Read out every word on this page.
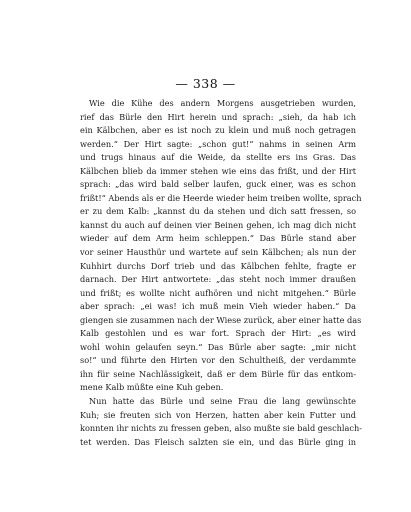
— 338 —
Wie die Kühe des andern Morgens ausgetrieben wurden,
rief das Bürle den Hirt herein und sprach: „sieh, da hab ich
ein Kälbchen, aber es ist noch zu klein und muß noch getragen
werden.“ Der Hirt sagte: „schon gut!“ nahms in seinen Arm
und trugs hinaus auf die Weide, da stellte ers ins Gras. Das
Kälbchen blieb da immer stehen wie eins das frißt, und der Hirt
sprach: „das wird bald selber laufen, guck einer, was es schon
frißt!“ Abends als er die Heerde wieder heim treiben wollte, sprach
er zu dem Kalb: „kannst du da stehen und dich satt fressen, so
kannst du auch auf deinen vier Beinen gehen, ich mag dich nicht
wieder auf dem Arm heim schleppen.“ Das Bürle stand aber
vor seiner Hausthür und wartete auf sein Kälbchen; als nun der
Kuhhirt durchs Dorf trieb und das Kälbchen fehlte, fragte er
darnach. Der Hirt antwortete: „das steht noch immer draußen
und frißt; es wollte nicht aufhören und nicht mitgehen.“ Bürle
aber sprach: „ei was! ich muß mein Vieh wieder haben.“ Da
giengen sie zusammen nach der Wiese zurück, aber einer hatte das
Kalb gestohlen und es war fort. Sprach der Hirt: „es wird
wohl wohin gelaufen seyn.“ Das Bürle aber sagte: „mir nicht
so!“ und führte den Hirten vor den Schultheiß, der verdammte
ihn für seine Nachlässigkeit, daß er dem Bürle für das entkom-
mene Kalb müßte eine Kuh geben.
Nun hatte das Bürle und seine Frau die lang gewünschte
Kuh; sie freuten sich von Herzen, hatten aber kein Futter und
konnten ihr nichts zu fressen geben, also mußte sie bald geschlach-
tet werden. Das Fleisch salzten sie ein, und das Bürle ging in
